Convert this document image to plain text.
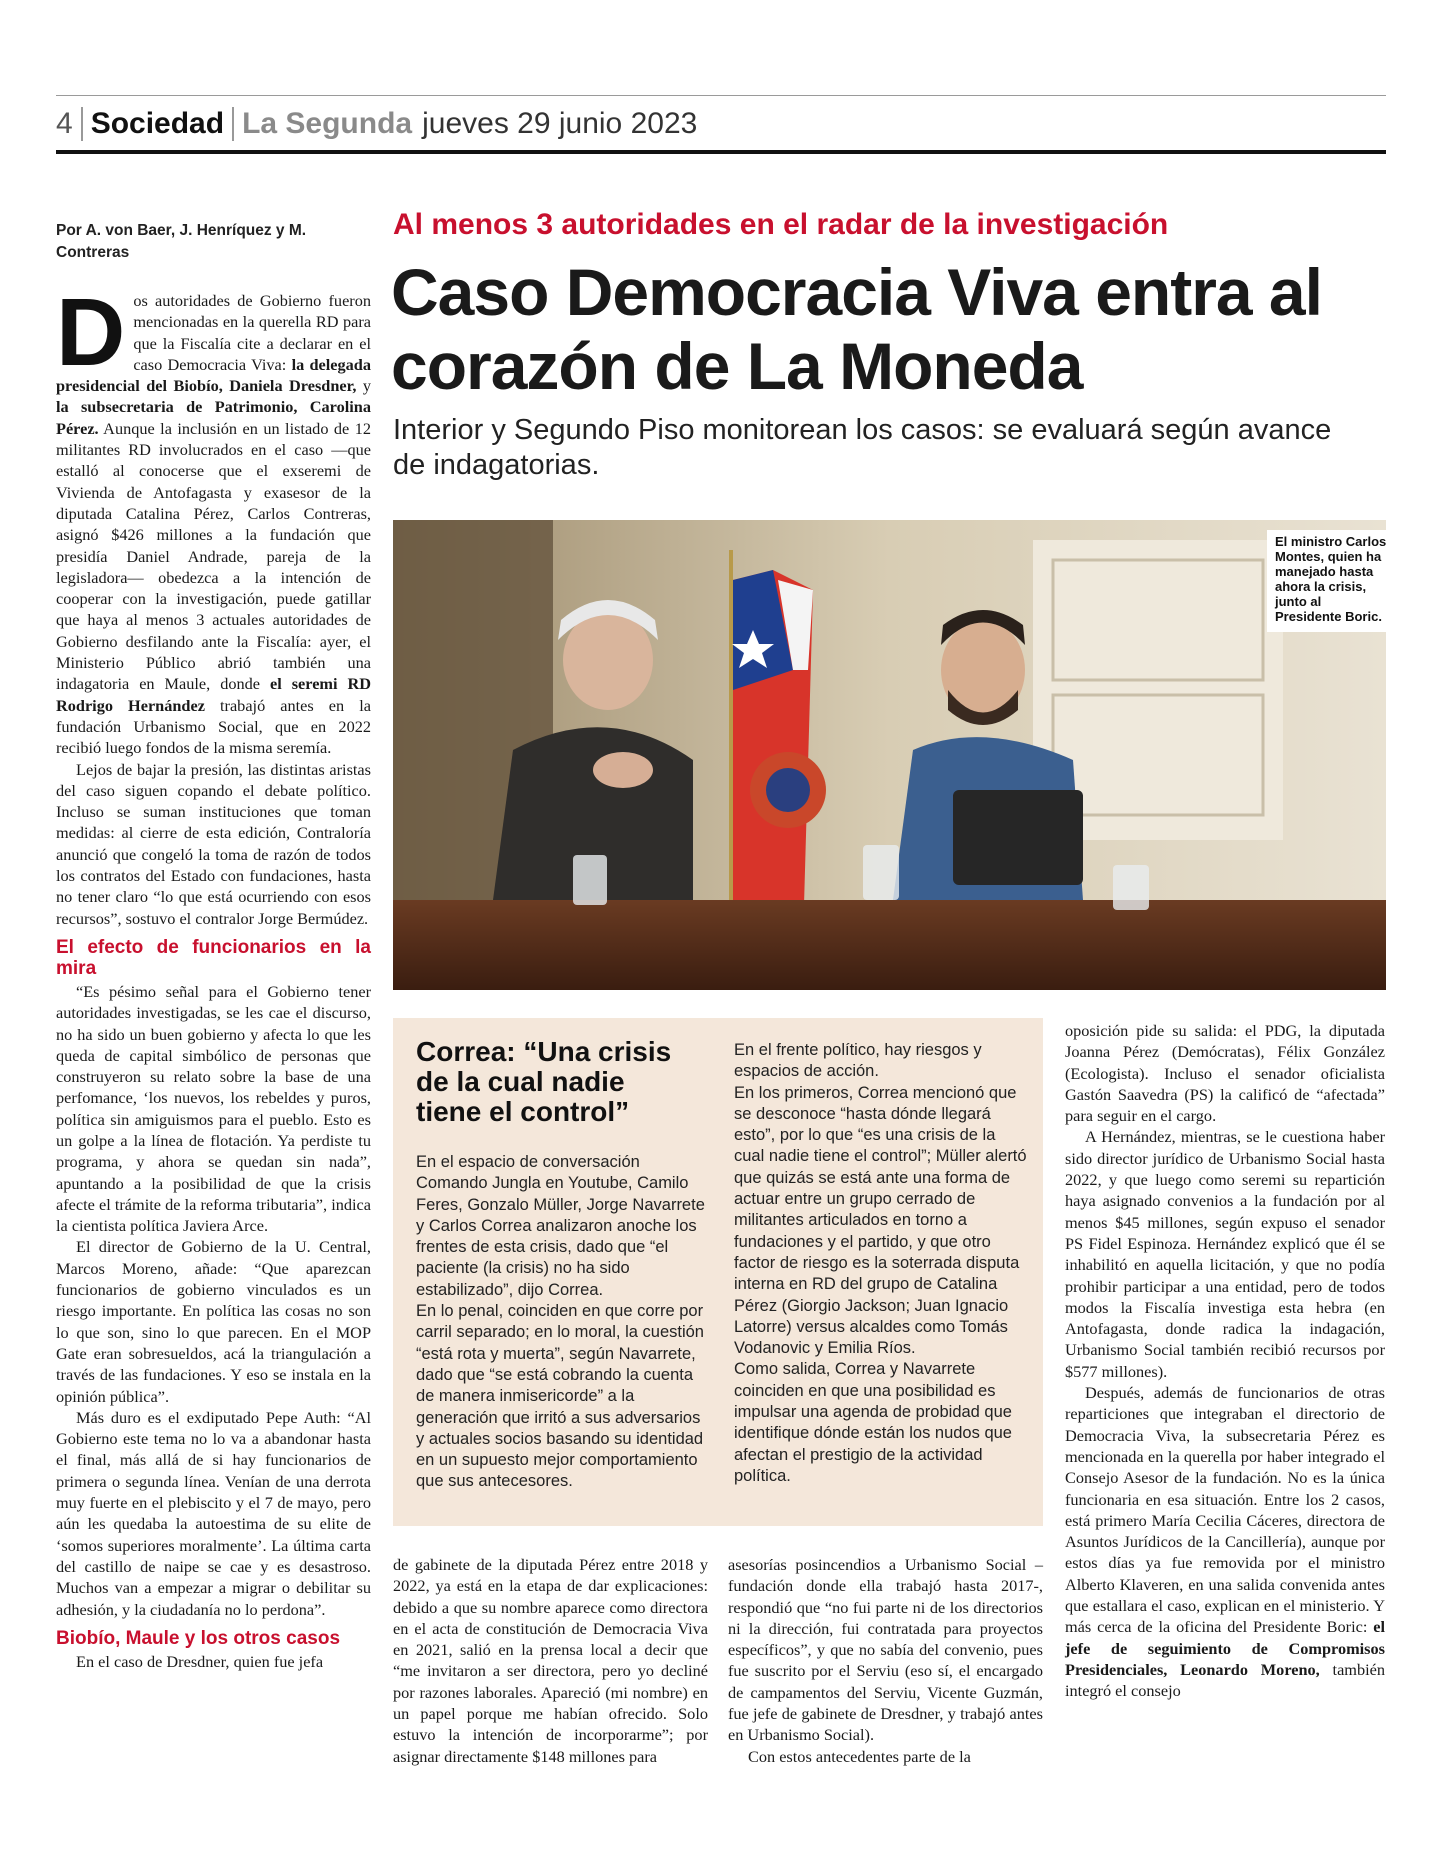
4 Sociedad La Segunda jueves 29 junio 2023
Por A. von Baer, J. Henríquez y M. Contreras

Dos autoridades de Gobierno fueron mencionadas en la querella RD para que la Fiscalía cite a declarar en el caso Democracia Viva: la delegada presidencial del Biobío, Daniela Dresdner, y la subsecretaria de Patrimonio, Carolina Pérez. Aunque la inclusión en un listado de 12 militantes RD involucrados en el caso —que estalló al conocerse que el exseremi de Vivienda de Antofagasta y exasesor de la diputada Catalina Pérez, Carlos Contreras, asignó $426 millones a la fundación que presidía Daniel Andrade, pareja de la legisladora— obedezca a la intención de cooperar con la investigación, puede gatillar que haya al menos 3 actuales autoridades de Gobierno desfilando ante la Fiscalía: ayer, el Ministerio Público abrió también una indagatoria en Maule, donde el seremi RD Rodrigo Hernández trabajó antes en la fundación Urbanismo Social, que en 2022 recibió luego fondos de la misma seremía.

Lejos de bajar la presión, las distintas aristas del caso siguen copando el debate político. Incluso se suman instituciones que toman medidas: al cierre de esta edición, Contraloría anunció que congeló la toma de razón de todos los contratos del Estado con fundaciones, hasta no tener claro “lo que está ocurriendo con esos recursos”, sostuvo el contralor Jorge Bermúdez.

El efecto de funcionarios en la mira

“Es pésimo señal para el Gobierno tener autoridades investigadas, se les cae el discurso, no ha sido un buen gobierno y afecta lo que les queda de capital simbólico de personas que construyeron su relato sobre la base de una perfomance, ‘los nuevos, los rebeldes y puros, política sin amiguismos para el pueblo. Esto es un golpe a la línea de flotación. Ya perdiste tu programa, y ahora se quedan sin nada”, apuntando a la posibilidad de que la crisis afecte el trámite de la reforma tributaria”, indica la cientista política Javiera Arce.

El director de Gobierno de la U. Central, Marcos Moreno, añade: “Que aparezcan funcionarios de gobierno vinculados es un riesgo importante. En política las cosas no son lo que son, sino lo que parecen. En el MOP Gate eran sobresueldos, acá la triangulación a través de las fundaciones. Y eso se instala en la opinión pública”.

Más duro es el exdiputado Pepe Auth: “Al Gobierno este tema no lo va a abandonar hasta el final, más allá de si hay funcionarios de primera o segunda línea. Venían de una derrota muy fuerte en el plebiscito y el 7 de mayo, pero aún les quedaba la autoestima de su elite de ‘somos superiores moralmente’. La última carta del castillo de naipe se cae y es desastroso. Muchos van a empezar a migrar o debilitar su adhesión, y la ciudadanía no lo perdona”.

Biobío, Maule y los otros casos

En el caso de Dresdner, quien fue jefa

Al menos 3 autoridades en el radar de la investigación
Caso Democracia Viva entra al corazón de La Moneda
Interior y Segundo Piso monitorean los casos: se evaluará según avance de indagatorias.
El ministro Carlos Montes, quien ha manejado hasta ahora la crisis, junto al Presidente Boric.
Correa: “Una crisis de la cual nadie tiene el control”

En el espacio de conversación Comando Jungla en Youtube, Camilo Feres, Gonzalo Müller, Jorge Navarrete y Carlos Correa analizaron anoche los frentes de esta crisis, dado que “el paciente (la crisis) no ha sido estabilizado”, dijo Correa.

En lo penal, coinciden en que corre por carril separado; en lo moral, la cuestión “está rota y muerta”, según Navarrete, dado que “se está cobrando la cuenta de manera inmisericorde” a la generación que irritó a sus adversarios y actuales socios basando su identidad en un supuesto mejor comportamiento que sus antecesores.

En el frente político, hay riesgos y espacios de acción.

En los primeros, Correa mencionó que se desconoce “hasta dónde llegará esto”, por lo que “es una crisis de la cual nadie tiene el control”; Müller alertó que quizás se está ante una forma de actuar entre un grupo cerrado de militantes articulados en torno a fundaciones y el partido, y que otro factor de riesgo es la soterrada disputa interna en RD del grupo de Catalina Pérez (Giorgio Jackson; Juan Ignacio Latorre) versus alcaldes como Tomás Vodanovic y Emilia Ríos.

Como salida, Correa y Navarrete coinciden en que una posibilidad es impulsar una agenda de probidad que identifique dónde están los nudos que afectan el prestigio de la actividad política.

de gabinete de la diputada Pérez entre 2018 y 2022, ya está en la etapa de dar explicaciones: debido a que su nombre aparece como directora en el acta de constitución de Democracia Viva en 2021, salió en la prensa local a decir que “me invitaron a ser directora, pero yo decliné por razones laborales. Apareció (mi nombre) en un papel porque me habían ofrecido. Solo estuvo la intención de incorporarme”; por asignar directamente $148 millones para

asesorías posincendios a Urbanismo Social –fundación donde ella trabajó hasta 2017-, respondió que “no fui parte ni de los directorios ni la dirección, fui contratada para proyectos específicos”, y que no sabía del convenio, pues fue suscrito por el Serviu (eso sí, el encargado de campamentos del Serviu, Vicente Guzmán, fue jefe de gabinete de Dresdner, y trabajó antes en Urbanismo Social).

Con estos antecedentes parte de la

oposición pide su salida: el PDG, la diputada Joanna Pérez (Demócratas), Félix González (Ecologista). Incluso el senador oficialista Gastón Saavedra (PS) la calificó de “afectada” para seguir en el cargo.

A Hernández, mientras, se le cuestiona haber sido director jurídico de Urbanismo Social hasta 2022, y que luego como seremi su repartición haya asignado convenios a la fundación por al menos $45 millones, según expuso el senador PS Fidel Espinoza. Hernández explicó que él se inhabilitó en aquella licitación, y que no podía prohibir participar a una entidad, pero de todos modos la Fiscalía investiga esta hebra (en Antofagasta, donde radica la indagación, Urbanismo Social también recibió recursos por $577 millones).

Después, además de funcionarios de otras reparticiones que integraban el directorio de Democracia Viva, la subsecretaria Pérez es mencionada en la querella por haber integrado el Consejo Asesor de la fundación. No es la única funcionaria en esa situación. Entre los 2 casos, está primero María Cecilia Cáceres, directora de Asuntos Jurídicos de la Cancillería), aunque por estos días ya fue removida por el ministro Alberto Klaveren, en una salida convenida antes que estallara el caso, explican en el ministerio. Y más cerca de la oficina del Presidente Boric: el jefe de seguimiento de Compromisos Presidenciales, Leonardo Moreno, también integró el consejo
